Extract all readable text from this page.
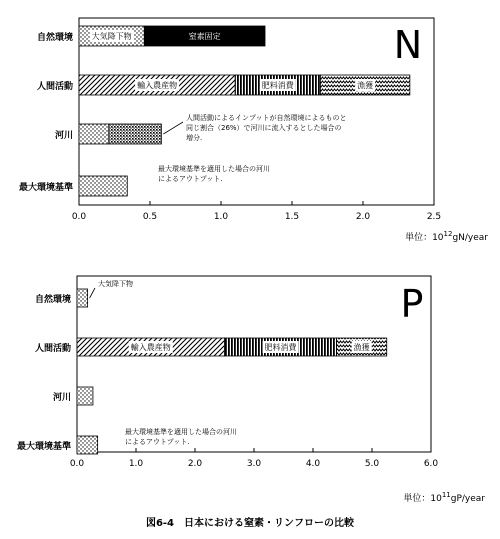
0.0	0.5	1.0	1.5	2.0	2.5
自然環境
人間活動
河川
最大環境基準
大気降下物	窒素固定
輸入農産物	肥料消費	漁獲
人間活動によるインプットが自然環境によるものと
同じ割合（26%）で河川に流入するとした場合の
増分.
最大環境基準を適用した場合の河川
によるアウトプット.
N
単位：$10^{12}gN$/year
0.0	1.0	2.0	3.0	4.0	5.0	6.0
自然環境
人間活動
河川
最大環境基準
輸入農産物	肥料消費	漁獲
大気降下物
最大環境基準を適用した場合の河川
によるアウトプット.
P
単位：$10^{11}gP$/year
図6-4　日本における窒素・リンフローの比較
